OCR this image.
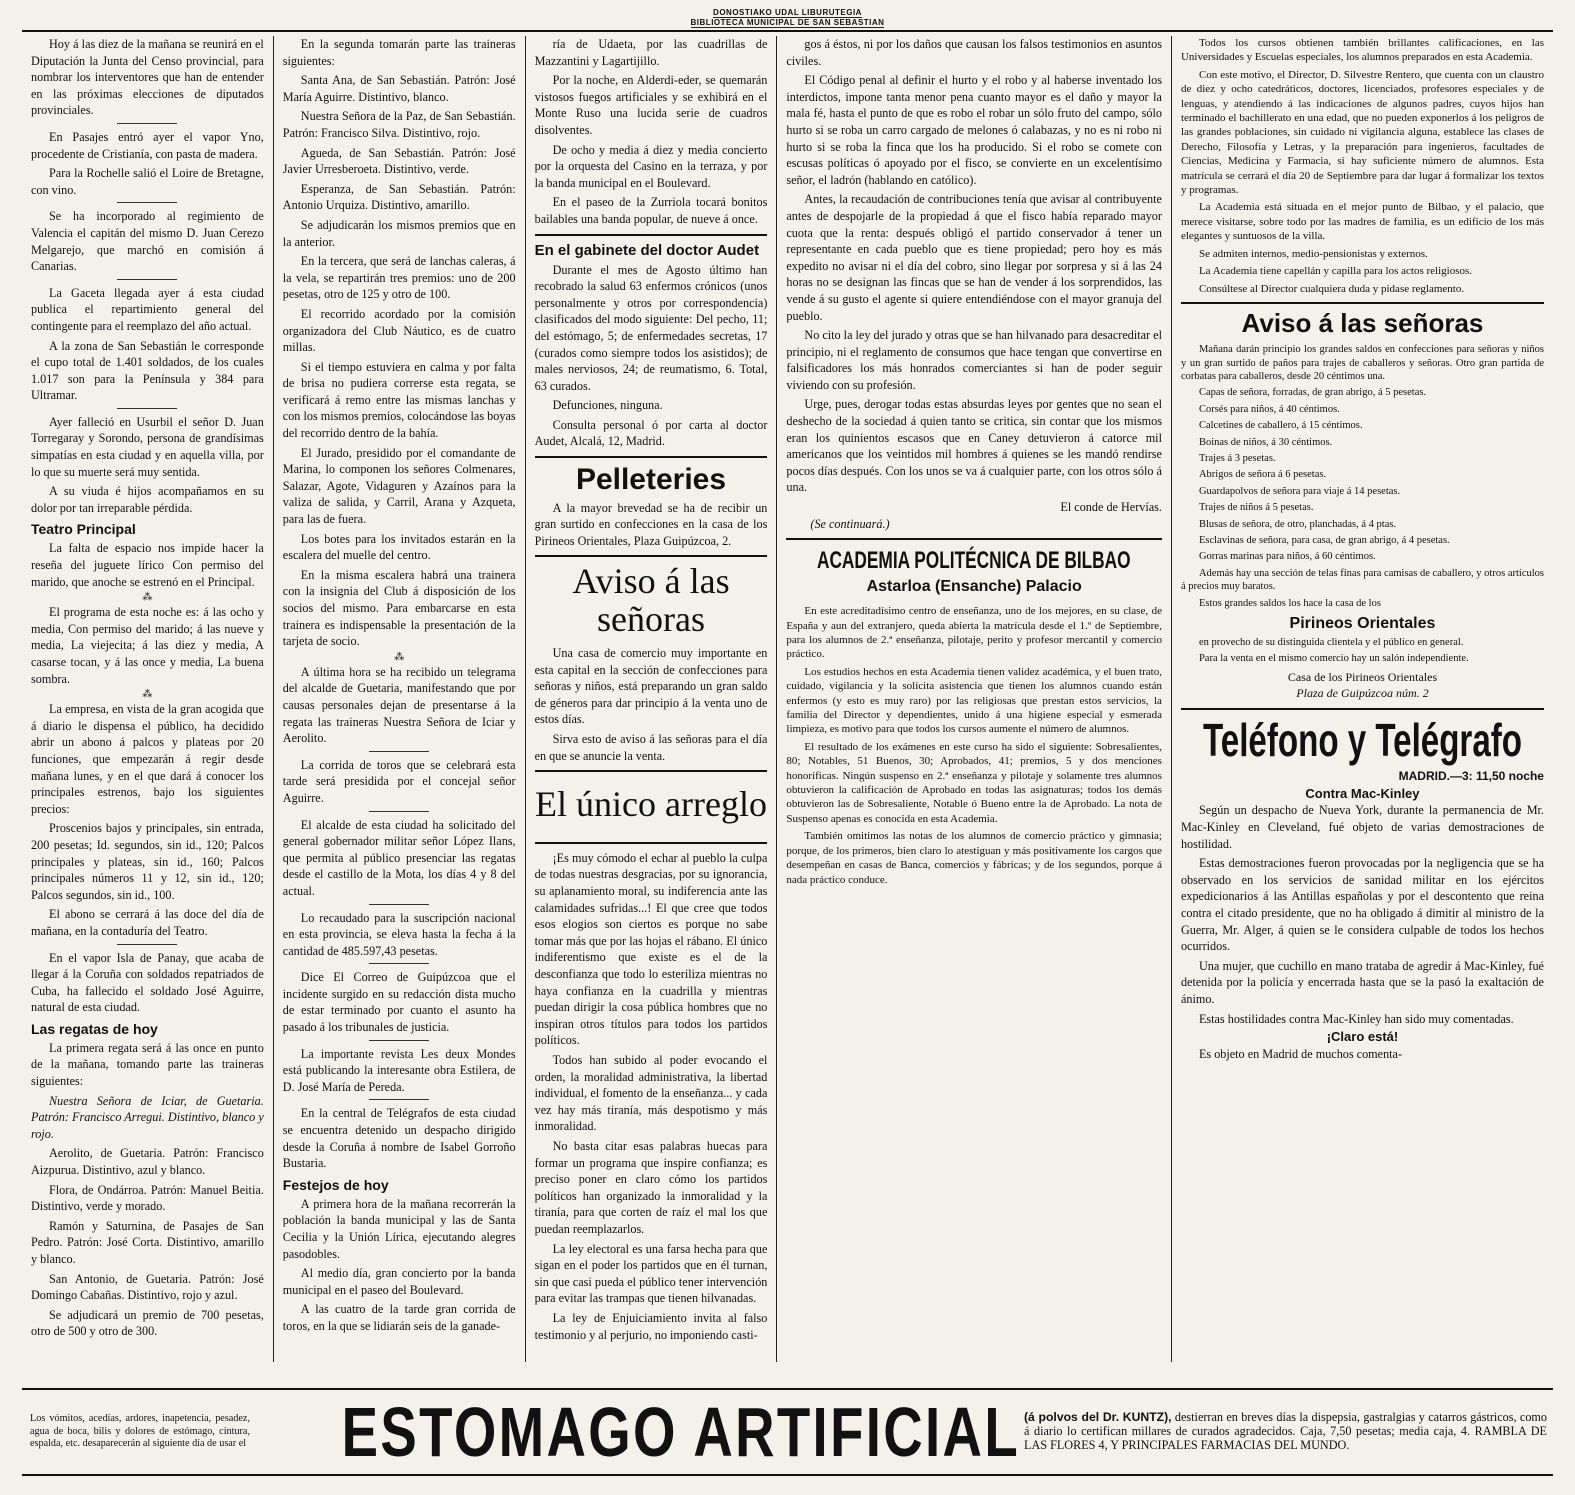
DONOSTIAKO UDAL LIBURUTEGIA
BIBLIOTECA MUNICIPAL DE SAN SEBASTIAN

Hoy á las diez de la mañana se reunirá en el Diputación la Junta del Censo provincial, para nombrar los interventores que han de entender en las próximas elecciones de diputados provinciales.

En Pasajes entró ayer el vapor Yno, procedente de Cristianía, con pasta de madera.

Para la Rochelle salió el Loire de Bretagne, con vino.

Se ha incorporado al regimiento de Valencia el capitán del mismo D. Juan Cerezo Melgarejo, que marchó en comisión á Canarias.

La Gaceta llegada ayer á esta ciudad publica el repartimiento general del contingente para el reemplazo del año actual.

A la zona de San Sebastián le corresponde el cupo total de 1.401 soldados, de los cuales 1.017 son para la Península y 384 para Ultramar.

Ayer falleció en Usurbil el señor D. Juan Torregaray y Sorondo, persona de grandísimas simpatías en esta ciudad y en aquella villa, por lo que su muerte será muy sentida.

A su viuda é hijos acompañamos en su dolor por tan irreparable pérdida.

Teatro Principal

La falta de espacio nos impide hacer la reseña del juguete lírico Con permiso del marido, que anoche se estrenó en el Principal.

⁂

El programa de esta noche es: á las ocho y media, Con permiso del marido; á las nueve y media, La viejecita; á las diez y media, A casarse tocan, y á las once y media, La buena sombra.

⁂

La empresa, en vista de la gran acogida que á diario le dispensa el público, ha decidido abrir un abono á palcos y plateas por 20 funciones, que empezarán á regir desde mañana lunes, y en el que dará á conocer los principales estrenos, bajo los siguientes precios:

Proscenios bajos y principales, sin entrada, 200 pesetas; Id. segundos, sin id., 120; Palcos principales y plateas, sin id., 160; Palcos principales números 11 y 12, sin id., 120; Palcos segundos, sin id., 100.

El abono se cerrará á las doce del día de mañana, en la contaduría del Teatro.

En el vapor Isla de Panay, que acaba de llegar á la Coruña con soldados repatriados de Cuba, ha fallecido el soldado José Aguirre, natural de esta ciudad.

Las regatas de hoy

La primera regata será á las once en punto de la mañana, tomando parte las traineras siguientes:

Nuestra Señora de Iciar, de Guetaria. Patrón: Francisco Arregui. Distintivo, blanco y rojo.

Aerolito, de Guetaria. Patrón: Francisco Aizpurua. Distintivo, azul y blanco.

Flora, de Ondárroa. Patrón: Manuel Beitia. Distintivo, verde y morado.

Ramón y Saturnina, de Pasajes de San Pedro. Patrón: José Corta. Distintivo, amarillo y blanco.

San Antonio, de Guetaria. Patrón: José Domingo Cabañas. Distintivo, rojo y azul.

Se adjudicará un premio de 700 pesetas, otro de 500 y otro de 300.

En la segunda tomarán parte las traineras siguientes:

Santa Ana, de San Sebastián. Patrón: José María Aguirre. Distintivo, blanco.

Nuestra Señora de la Paz, de San Sebastián. Patrón: Francisco Silva. Distintivo, rojo.

Agueda, de San Sebastián. Patrón: José Javier Urresberoeta. Distintivo, verde.

Esperanza, de San Sebastián. Patrón: Antonio Urquiza. Distintivo, amarillo.

Se adjudicarán los mismos premios que en la anterior.

En la tercera, que será de lanchas caleras, á la vela, se repartirán tres premios: uno de 200 pesetas, otro de 125 y otro de 100.

El recorrido acordado por la comisión organizadora del Club Náutico, es de cuatro millas.

Si el tiempo estuviera en calma y por falta de brisa no pudiera correrse esta regata, se verificará á remo entre las mismas lanchas y con los mismos premios, colocándose las boyas del recorrido dentro de la bahía.

El Jurado, presidido por el comandante de Marina, lo componen los señores Colmenares, Salazar, Agote, Vidaguren y Azaínos para la valiza de salida, y Carril, Arana y Azqueta, para las de fuera.

Los botes para los invitados estarán en la escalera del muelle del centro.

En la misma escalera habrá una trainera con la insignia del Club á disposición de los socios del mismo. Para embarcarse en esta trainera es indispensable la presentación de la tarjeta de socio.

⁂

A última hora se ha recibido un telegrama del alcalde de Guetaria, manifestando que por causas personales dejan de presentarse á la regata las traineras Nuestra Señora de Iciar y Aerolito.

La corrida de toros que se celebrará esta tarde será presidida por el concejal señor Aguirre.

El alcalde de esta ciudad ha solicitado del general gobernador militar señor López Ilans, que permita al público presenciar las regatas desde el castillo de la Mota, los días 4 y 8 del actual.

Lo recaudado para la suscripción nacional en esta provincia, se eleva hasta la fecha á la cantidad de 485.597,43 pesetas.

Dice El Correo de Guipúzcoa que el incidente surgido en su redacción dista mucho de estar terminado por cuanto el asunto ha pasado á los tribunales de justicia.

La importante revista Les deux Mondes está publicando la interesante obra Estilera, de D. José María de Pereda.

En la central de Telégrafos de esta ciudad se encuentra detenido un despacho dirigido desde la Coruña á nombre de Isabel Gorroño Bustaria.

Festejos de hoy

A primera hora de la mañana recorrerán la población la banda municipal y las de Santa Cecilia y la Unión Lírica, ejecutando alegres pasodobles.

Al medio día, gran concierto por la banda municipal en el paseo del Boulevard.

A las cuatro de la tarde gran corrida de toros, en la que se lidiarán seis de la ganade-

ría de Udaeta, por las cuadrillas de Mazzantini y Lagartijillo.

Por la noche, en Alderdi-eder, se quemarán vistosos fuegos artificiales y se exhibirá en el Monte Ruso una lucida serie de cuadros disolventes.

De ocho y media á diez y media concierto por la orquesta del Casino en la terraza, y por la banda municipal en el Boulevard.

En el paseo de la Zurriola tocará bonitos bailables una banda popular, de nueve á once.

En el gabinete del doctor Audet

Durante el mes de Agosto último han recobrado la salud 63 enfermos crónicos (unos personalmente y otros por correspondencia) clasificados del modo siguiente: Del pecho, 11; del estómago, 5; de enfermedades secretas, 17 (curados como siempre todos los asistidos); de males nerviosos, 24; de reumatismo, 6. Total, 63 curados.

Defunciones, ninguna.

Consulta personal ó por carta al doctor Audet, Alcalá, 12, Madrid.

Pelleteries

A la mayor brevedad se ha de recibir un gran surtido en confecciones en la casa de los Pirineos Orientales, Plaza Guipúzcoa, 2.

Aviso á las señoras

Una casa de comercio muy importante en esta capital en la sección de confecciones para señoras y niños, está preparando un gran saldo de géneros para dar principio á la venta uno de estos días.

Sirva esto de aviso á las señoras para el día en que se anuncie la venta.

El único arreglo

¡Es muy cómodo el echar al pueblo la culpa de todas nuestras desgracias, por su ignorancia, su aplanamiento moral, su indiferencia ante las calamidades sufridas...! El que cree que todos esos elogios son ciertos es porque no sabe tomar más que por las hojas el rábano. El único indiferentismo que existe es el de la desconfianza que todo lo esteriliza mientras no haya confianza en la cuadrilla y mientras puedan dirigir la cosa pública hombres que no inspiran otros títulos para todos los partidos políticos.

Todos han subido al poder evocando el orden, la moralidad administrativa, la libertad individual, el fomento de la enseñanza... y cada vez hay más tiranía, más despotismo y más inmoralidad.

No basta citar esas palabras huecas para formar un programa que inspire confianza; es preciso poner en claro cómo los partidos políticos han organizado la inmoralidad y la tiranía, para que corten de raíz el mal los que puedan reemplazarlos.

La ley electoral es una farsa hecha para que sigan en el poder los partidos que en él turnan, sin que casi pueda el público tener intervención para evitar las trampas que tienen hilvanadas.

La ley de Enjuiciamiento invita al falso testimonio y al perjurio, no imponiendo casti-

gos á éstos, ni por los daños que causan los falsos testimonios en asuntos civiles.

El Código penal al definir el hurto y el robo y al haberse inventado los interdictos, impone tanta menor pena cuanto mayor es el daño y mayor la mala fé, hasta el punto de que es robo el robar un sólo fruto del campo, sólo hurto si se roba un carro cargado de melones ó calabazas, y no es ni robo ni hurto si se roba la finca que los ha producido. Si el robo se comete con escusas políticas ó apoyado por el fisco, se convierte en un excelentísimo señor, el ladrón (hablando en católico).

Antes, la recaudación de contribuciones tenía que avisar al contribuyente antes de despojarle de la propiedad á que el fisco había reparado mayor cuota que la renta: después obligó el partido conservador á tener un representante en cada pueblo que es tiene propiedad; pero hoy es más expedito no avisar ni el día del cobro, sino llegar por sorpresa y si á las 24 horas no se designan las fincas que se han de vender á los sorprendidos, las vende á su gusto el agente si quiere entendiéndose con el mayor granuja del pueblo.

No cito la ley del jurado y otras que se han hilvanado para desacreditar el principio, ni el reglamento de consumos que hace tengan que convertirse en falsificadores los más honrados comerciantes si han de poder seguir viviendo con su profesión.

Urge, pues, derogar todas estas absurdas leyes por gentes que no sean el deshecho de la sociedad á quien tanto se critica, sin contar que los mismos eran los quinientos escasos que en Caney detuvieron á catorce mil americanos que los veintidos mil hombres á quienes se les mandó rendirse pocos días después. Con los unos se va á cualquier parte, con los otros sólo á una.

El conde de Hervías.
(Se continuará.)
ACADEMIA POLITÉCNICA DE BILBAO
Astarloa (Ensanche) Palacio

En este acreditadísimo centro de enseñanza, uno de los mejores, en su clase, de España y aun del extranjero, queda abierta la matrícula desde el 1.º de Septiembre, para los alumnos de 2.ª enseñanza, pilotaje, perito y profesor mercantil y comercio práctico.

Los estudios hechos en esta Academia tienen validez académica, y el buen trato, cuidado, vigilancia y la solícita asistencia que tienen los alumnos cuando están enfermos (y esto es muy raro) por las religiosas que prestan estos servicios, la familia del Director y dependientes, unido á una higiene especial y esmerada limpieza, es motivo para que todos los cursos aumente el número de alumnos.

El resultado de los exámenes en este curso ha sido el siguiente: Sobresalientes, 80; Notables, 51 Buenos, 30; Aprobados, 41; premios, 5 y dos menciones honoríficas. Ningún suspenso en 2.ª enseñanza y pilotaje y solamente tres alumnos obtuvieron la calificación de Aprobado en todas las asignaturas; todos los demás obtuvieron las de Sobresaliente, Notable ó Bueno entre la de Aprobado. La nota de Suspenso apenas es conocida en esta Academia.

También omitimos las notas de los alumnos de comercio práctico y gimnasia; porque, de los primeros, bien claro lo atestiguan y más positivamente los cargos que desempeñan en casas de Banca, comercios y fábricas; y de los segundos, porque á nada práctico conduce.

Todos los cursos obtienen también brillantes calificaciones, en las Universidades y Escuelas especiales, los alumnos preparados en esta Academia.

Con este motivo, el Director, D. Silvestre Rentero, que cuenta con un claustro de diez y ocho catedráticos, doctores, licenciados, profesores especiales y de lenguas, y atendiendo á las indicaciones de algunos padres, cuyos hijos han terminado el bachillerato en una edad, que no pueden exponerlos á los peligros de las grandes poblaciones, sin cuidado ni vigilancia alguna, establece las clases de Derecho, Filosofía y Letras, y la preparación para ingenieros, facultades de Ciencias, Medicina y Farmacia, si hay suficiente número de alumnos. Esta matrícula se cerrará el día 20 de Septiembre para dar lugar á formalizar los textos y programas.

La Academia está situada en el mejor punto de Bilbao, y el palacio, que merece visitarse, sobre todo por las madres de familia, es un edificio de los más elegantes y suntuosos de la villa.

Se admiten internos, medio-pensionistas y externos.

La Academia tiene capellán y capilla para los actos religiosos.

Consúltese al Director cualquiera duda y pídase reglamento.

Aviso á las señoras

Mañana darán principio los grandes saldos en confecciones para señoras y niños y un gran surtido de paños para trajes de caballeros y señoras. Otro gran partida de corbatas para caballeros, desde 20 céntimos una.

Capas de señora, forradas, de gran abrigo, á 5 pesetas.

Corsés para niños, á 40 céntimos.

Calcetines de caballero, á 15 céntimos.

Boinas de niños, á 30 céntimos.

Trajes á 3 pesetas.

Abrigos de señora á 6 pesetas.

Guardapolvos de señora para viaje á 14 pesetas.

Trajes de niños á 5 pesetas.

Blusas de señora, de otro, planchadas, á 4 ptas.

Esclavinas de señora, para casa, de gran abrigo, á 4 pesetas.

Gorras marinas para niños, á 60 céntimos.

Además hay una sección de telas finas para camisas de caballero, y otros artículos á precios muy baratos.

Estos grandes saldos los hace la casa de los

Pirineos Orientales

en provecho de su distinguida clientela y el público en general.

Para la venta en el mismo comercio hay un salón independiente.

Casa de los Pirineos Orientales
Plaza de Guipúzcoa núm. 2
Teléfono y Telégrafo
MADRID.—3: 11,50 noche
Contra Mac-Kinley

Según un despacho de Nueva York, durante la permanencia de Mr. Mac-Kinley en Cleveland, fué objeto de varias demostraciones de hostilidad.

Estas demostraciones fueron provocadas por la negligencia que se ha observado en los servicios de sanidad militar en los ejércitos expedicionarios á las Antillas españolas y por el descontento que reina contra el citado presidente, que no ha obligado á dimitir al ministro de la Guerra, Mr. Alger, á quien se le considera culpable de todos los hechos ocurridos.

Una mujer, que cuchillo en mano trataba de agredir á Mac-Kinley, fué detenida por la policía y encerrada hasta que se la pasó la exaltación de ánimo.

Estas hostilidades contra Mac-Kinley han sido muy comentadas.

¡Claro está!

Es objeto en Madrid de muchos comenta-

Los vómitos, acedías, ardores, inapetencia, pesadez, agua de boca, bilis y dolores de estómago, cintura, espalda, etc. desaparecerán al siguiente día de usar el ESTOMAGO ARTIFICIAL (á polvos del Dr. KUNTZ), destierran en breves días la dispepsia, gastralgias y catarros gástricos, como á diario lo certifican millares de curados agradecidos. Caja, 7,50 pesetas; media caja, 4. RAMBLA DE LAS FLORES 4, Y PRINCIPALES FARMACIAS DEL MUNDO.
